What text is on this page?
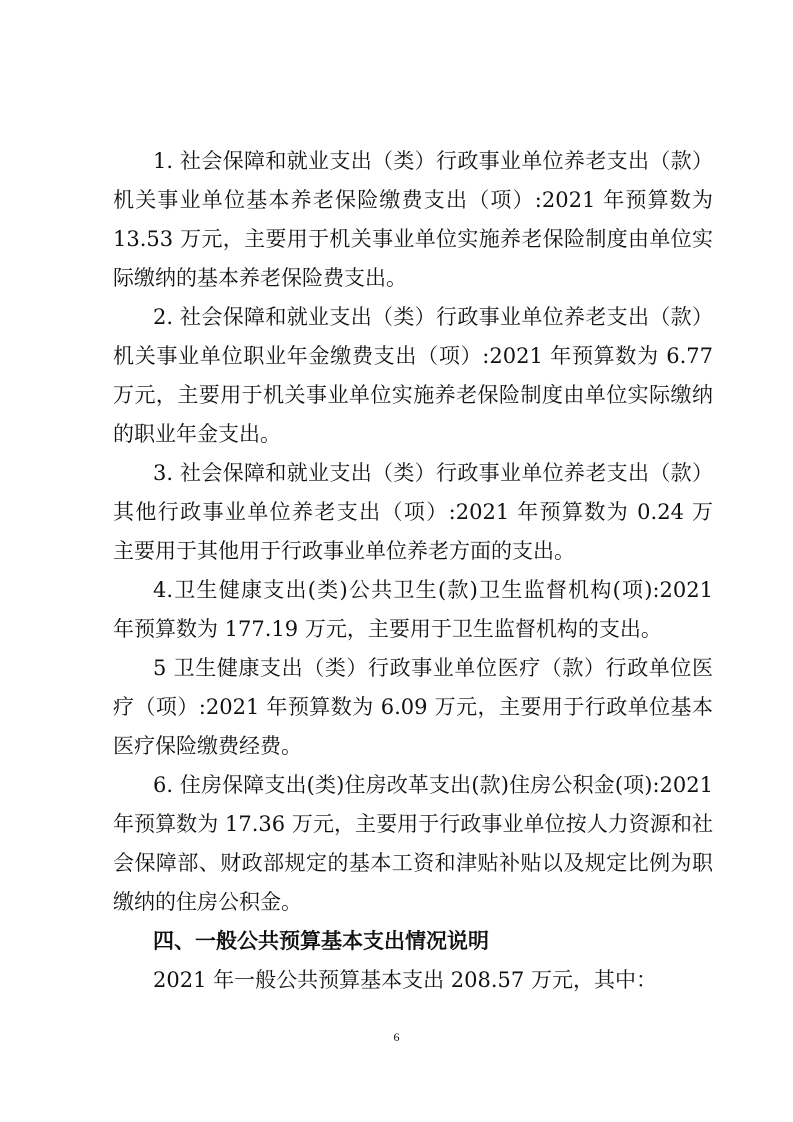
1. 社会保障和就业支出（类）行政事业单位养老支出（款）
机关事业单位基本养老保险缴费支出（项）:2021 年预算数为
13.53 万元，主要用于机关事业单位实施养老保险制度由单位实
际缴纳的基本养老保险费支出。
2. 社会保障和就业支出（类）行政事业单位养老支出（款）
机关事业单位职业年金缴费支出（项）:2021 年预算数为 6.77
万元，主要用于机关事业单位实施养老保险制度由单位实际缴纳
的职业年金支出。
3. 社会保障和就业支出（类）行政事业单位养老支出（款）
其他行政事业单位养老支出（项）:2021 年预算数为 0.24 万
主要用于其他用于行政事业单位养老方面的支出。
4.卫生健康支出(类)公共卫生(款)卫生监督机构(项):2021
年预算数为 177.19 万元，主要用于卫生监督机构的支出。
5 卫生健康支出（类）行政事业单位医疗（款）行政单位医
疗（项）:2021 年预算数为 6.09 万元，主要用于行政单位基本
医疗保险缴费经费。
6. 住房保障支出(类)住房改革支出(款)住房公积金(项):2021
年预算数为 17.36 万元，主要用于行政事业单位按人力资源和社
会保障部、财政部规定的基本工资和津贴补贴以及规定比例为职
缴纳的住房公积金。
四、一般公共预算基本支出情况说明
2021 年一般公共预算基本支出 208.57 万元，其中：
6
